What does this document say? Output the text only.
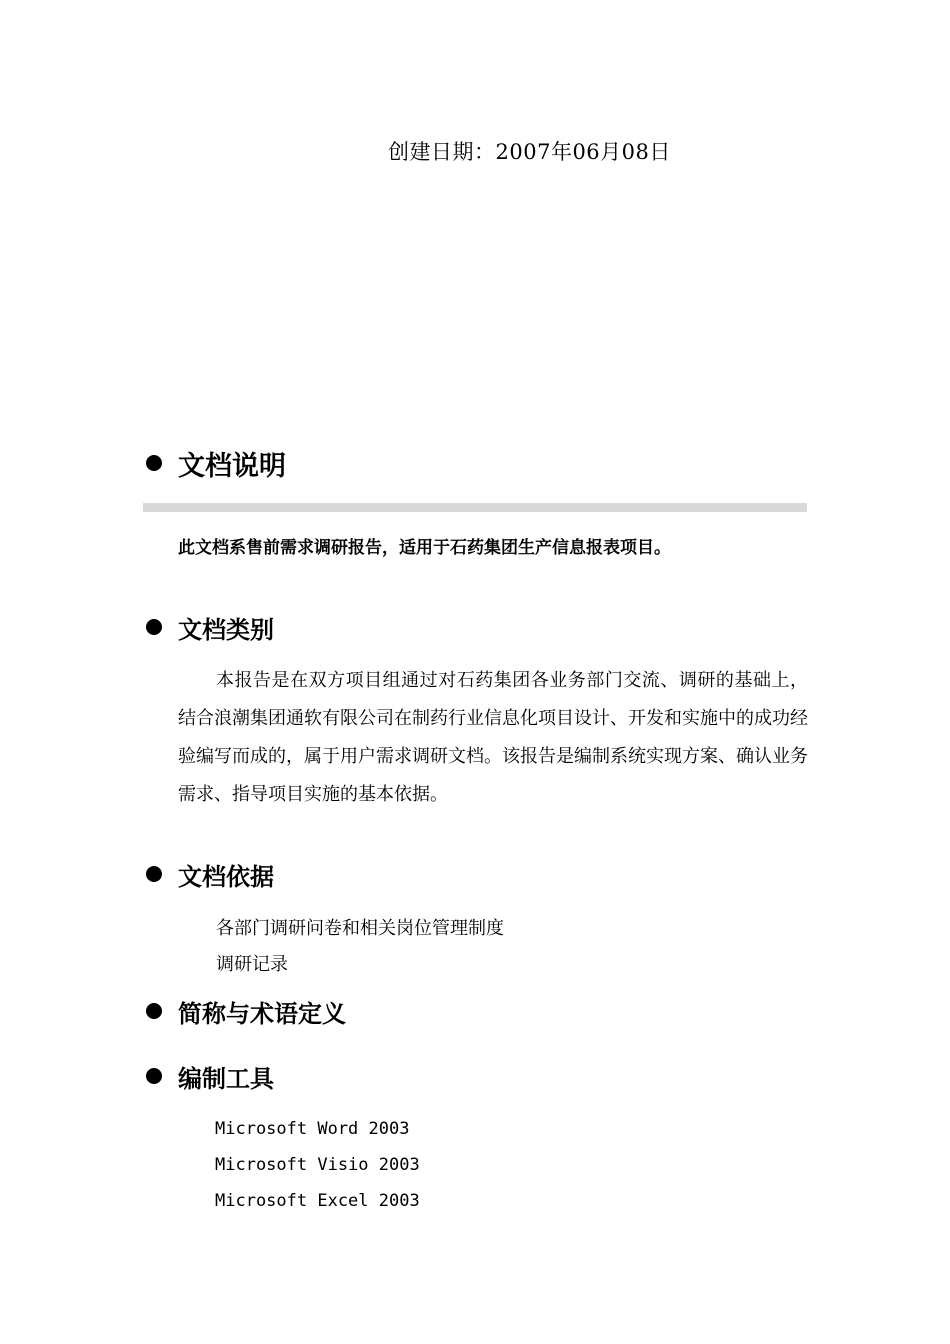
创建日期：2007年06月08日
文档说明
此文档系售前需求调研报告，适用于石药集团生产信息报表项目。
文档类别

本报告是在双方项目组通过对石药集团各业务部门交流、调研的基础上，结合浪潮集团通软有限公司在制药行业信息化项目设计、开发和实施中的成功经验编写而成的，属于用户需求调研文档。该报告是编制系统实现方案、确认业务需求、指导项目实施的基本依据。

文档依据
各部门调研问卷和相关岗位管理制度
调研记录
简称与术语定义
编制工具
Microsoft Word 2003
Microsoft Visio 2003
Microsoft Excel 2003
